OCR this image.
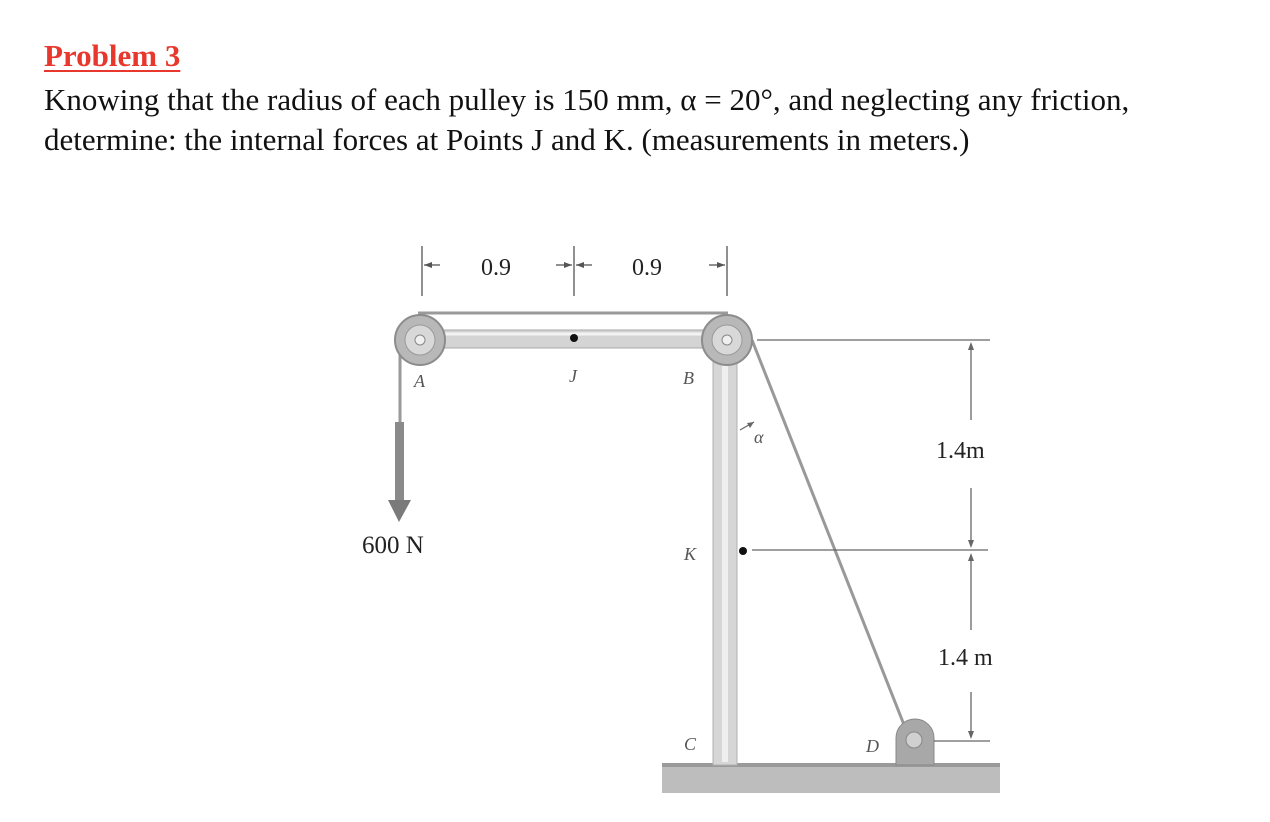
Problem 3

Knowing that the radius of each pulley is 150 mm, α = 20°, and neglecting any friction,
determine: the internal forces at Points J and K. (measurements in meters.)
0.9	0.9
1.4m
1.4 m
600 N
A	J	B
K
C	D
α
